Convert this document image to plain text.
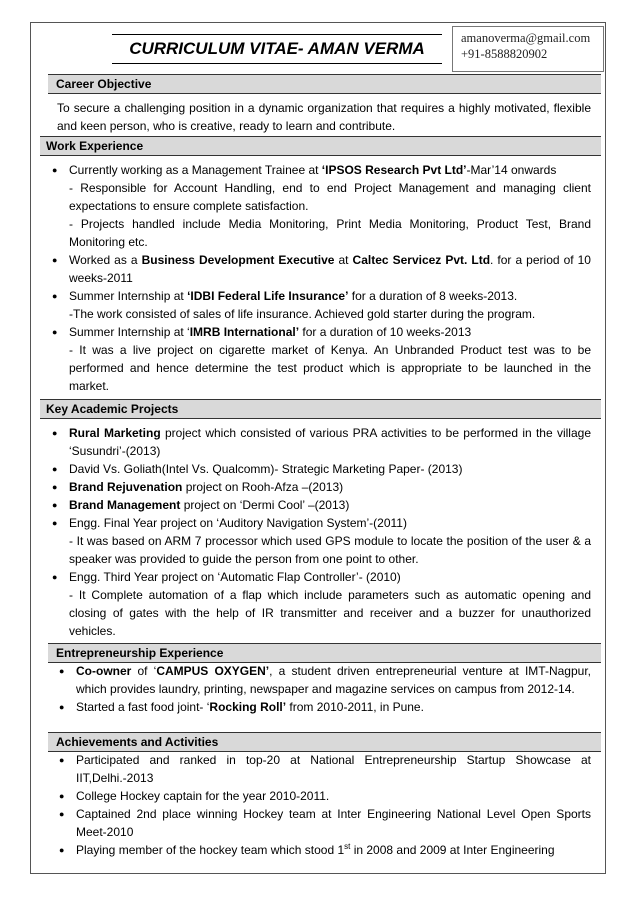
CURRICULUM VITAE- AMAN VERMA
amanoverma@gmail.com
+91-8588820902
Career Objective
To secure a challenging position in a dynamic organization that requires a highly motivated, flexible and keen person, who is creative, ready to learn and contribute.
Work Experience
● Currently working as a Management Trainee at ‘IPSOS Research Pvt Ltd’-Mar’14 onwards
- Responsible for Account Handling, end to end Project Management and managing client expectations to ensure complete satisfaction.
- Projects handled include Media Monitoring, Print Media Monitoring, Product Test, Brand Monitoring etc.
● Worked as a Business Development Executive at Caltec Servicez Pvt. Ltd. for a period of 10 weeks-2011
● Summer Internship at ‘IDBI Federal Life Insurance’ for a duration of 8 weeks-2013.
-The work consisted of sales of life insurance. Achieved gold starter during the program.
● Summer Internship at ‘IMRB International’ for a duration of 10 weeks-2013
- It was a live project on cigarette market of Kenya. An Unbranded Product test was to be performed and hence determine the test product which is appropriate to be launched in the market.
Key Academic Projects
● Rural Marketing project which consisted of various PRA activities to be performed in the village ‘Susundri’-(2013)
● David Vs. Goliath(Intel Vs. Qualcomm)- Strategic Marketing Paper- (2013)
● Brand Rejuvenation project on Rooh-Afza –(2013)
● Brand Management project on ‘Dermi Cool’ –(2013)
● Engg. Final Year project on ‘Auditory Navigation System’-(2011)
- It was based on ARM 7 processor which used GPS module to locate the position of the user & a speaker was provided to guide the person from one point to other.
● Engg. Third Year project on ‘Automatic Flap Controller’- (2010)
- It Complete automation of a flap which include parameters such as automatic opening and closing of gates with the help of IR transmitter and receiver and a buzzer for unauthorized vehicles.
Entrepreneurship Experience
● Co-owner of ‘CAMPUS OXYGEN’, a student driven entrepreneurial venture at IMT-Nagpur, which provides laundry, printing, newspaper and magazine services on campus from 2012-14.
● Started a fast food joint- ‘Rocking Roll’ from 2010-2011, in Pune.
Achievements and Activities
● Participated and ranked in top-20 at National Entrepreneurship Startup Showcase at IIT,Delhi.-2013
● College Hockey captain for the year 2010-2011.
● Captained 2nd place winning Hockey team at Inter Engineering National Level Open Sports Meet-2010
● Playing member of the hockey team which stood 1st in 2008 and 2009 at Inter Engineering
